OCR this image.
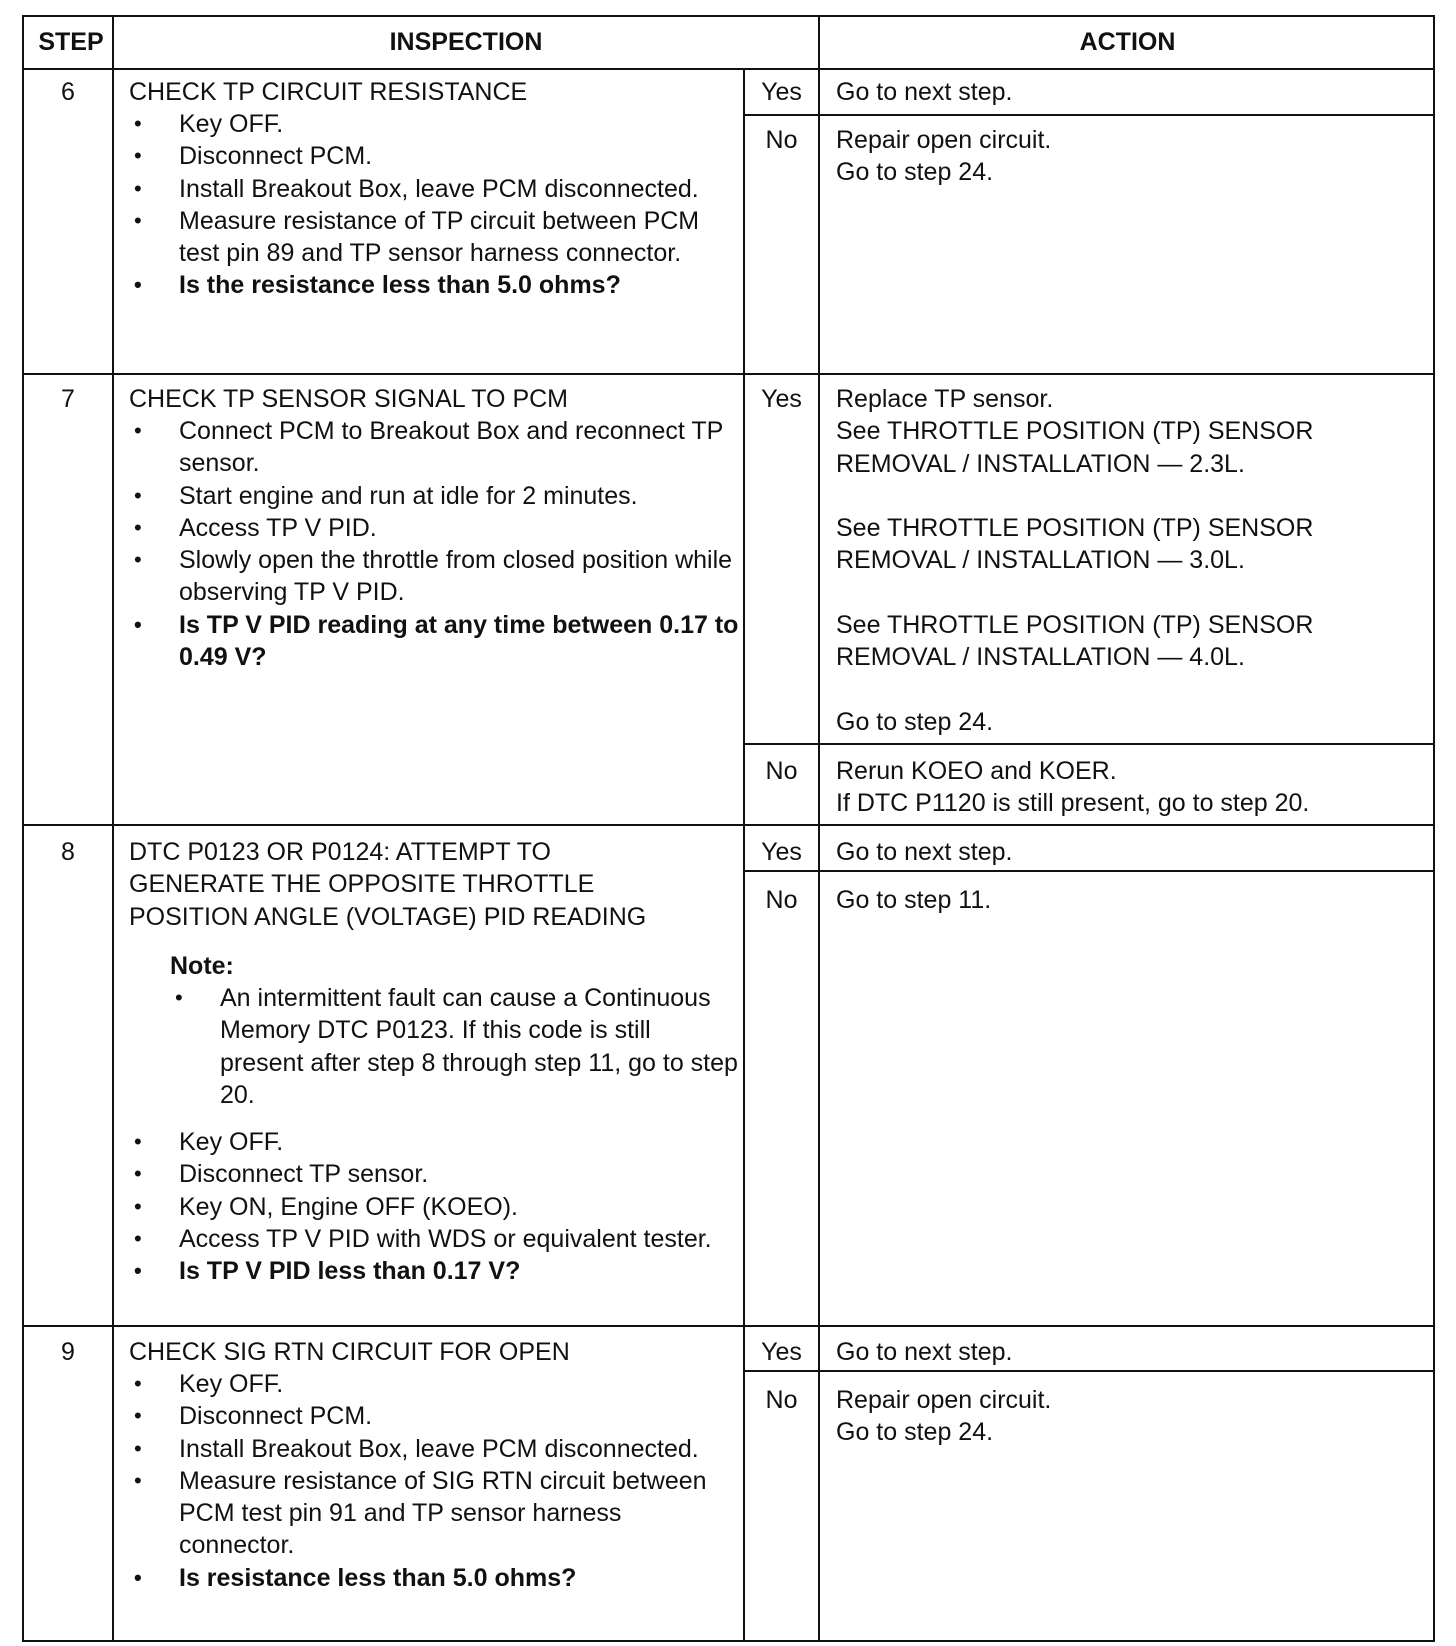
STEP	INSPECTION	ACTION
6	CHECK TP CIRCUIT RESISTANCE
• Key OFF.
• Disconnect PCM.
• Install Breakout Box, leave PCM disconnected.
• Measure resistance of TP circuit between PCM test pin 89 and TP sensor harness connector.
• Is the resistance less than 5.0 ohms?
Yes	Go to next step.
No	Repair open circuit.
Go to step 24.
7	CHECK TP SENSOR SIGNAL TO PCM
• Connect PCM to Breakout Box and reconnect TP sensor.
• Start engine and run at idle for 2 minutes.
• Access TP V PID.
• Slowly open the throttle from closed position while observing TP V PID.
• Is TP V PID reading at any time between 0.17 to 0.49 V?
Yes	Replace TP sensor.
See THROTTLE POSITION (TP) SENSOR REMOVAL / INSTALLATION — 2.3L.
See THROTTLE POSITION (TP) SENSOR REMOVAL / INSTALLATION — 3.0L.
See THROTTLE POSITION (TP) SENSOR REMOVAL / INSTALLATION — 4.0L.
Go to step 24.
No	Rerun KOEO and KOER.
If DTC P1120 is still present, go to step 20.
8	DTC P0123 OR P0124: ATTEMPT TO GENERATE THE OPPOSITE THROTTLE POSITION ANGLE (VOLTAGE) PID READING
Note:
• An intermittent fault can cause a Continuous Memory DTC P0123. If this code is still present after step 8 through step 11, go to step 20.
• Key OFF.
• Disconnect TP sensor.
• Key ON, Engine OFF (KOEO).
• Access TP V PID with WDS or equivalent tester.
• Is TP V PID less than 0.17 V?
Yes	Go to next step.
No	Go to step 11.
9	CHECK SIG RTN CIRCUIT FOR OPEN
• Key OFF.
• Disconnect PCM.
• Install Breakout Box, leave PCM disconnected.
• Measure resistance of SIG RTN circuit between PCM test pin 91 and TP sensor harness connector.
• Is resistance less than 5.0 ohms?
Yes	Go to next step.
No	Repair open circuit.
Go to step 24.
